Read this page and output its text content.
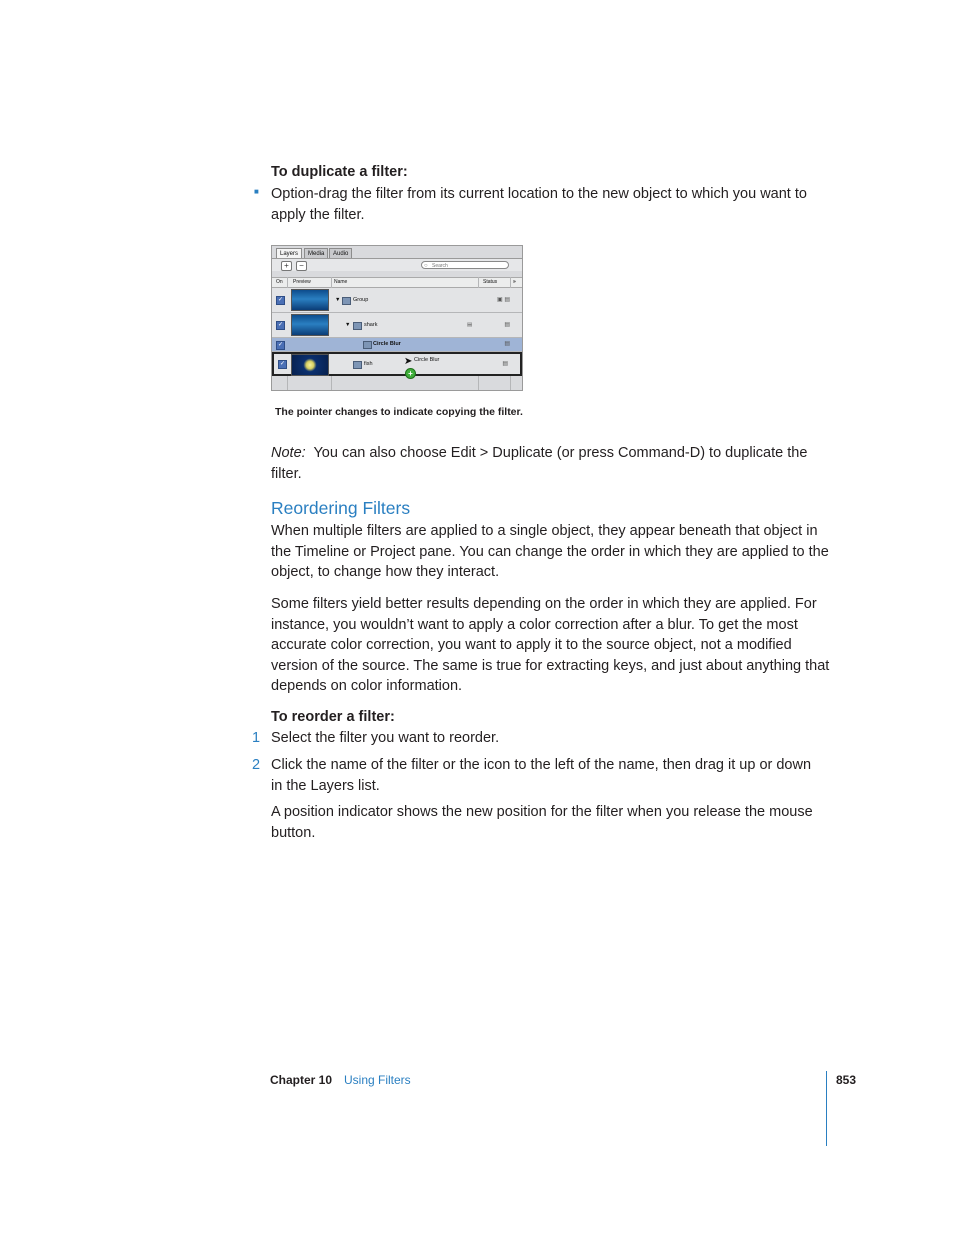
To duplicate a filter:
■ Option-drag the filter from its current location to the new object to which you want to
apply the filter.
Layers	Media	Audio
+	−
○	Search
On Preview	Name	Status	»
✓	▼ Group	▣ ▤
✓	▼ shark	▤	▤
✓	Circle Blur	▤
✓	fish
Circle Blur
▤
➤
+
The pointer changes to indicate copying the filter.
Note: You can also choose Edit > Duplicate (or press Command-D) to duplicate the
filter.
Reordering Filters
When multiple filters are applied to a single object, they appear beneath that object in
the Timeline or Project pane. You can change the order in which they are applied to the
object, to change how they interact.
Some filters yield better results depending on the order in which they are applied. For
instance, you wouldn’t want to apply a color correction after a blur. To get the most
accurate color correction, you want to apply it to the source object, not a modified
version of the source. The same is true for extracting keys, and just about anything that
depends on color information.
To reorder a filter:
1 Select the filter you want to reorder.
2 Click the name of the filter or the icon to the left of the name, then drag it up or down
in the Layers list.
A position indicator shows the new position for the filter when you release the mouse
button.
Chapter 10 Using Filters	853
